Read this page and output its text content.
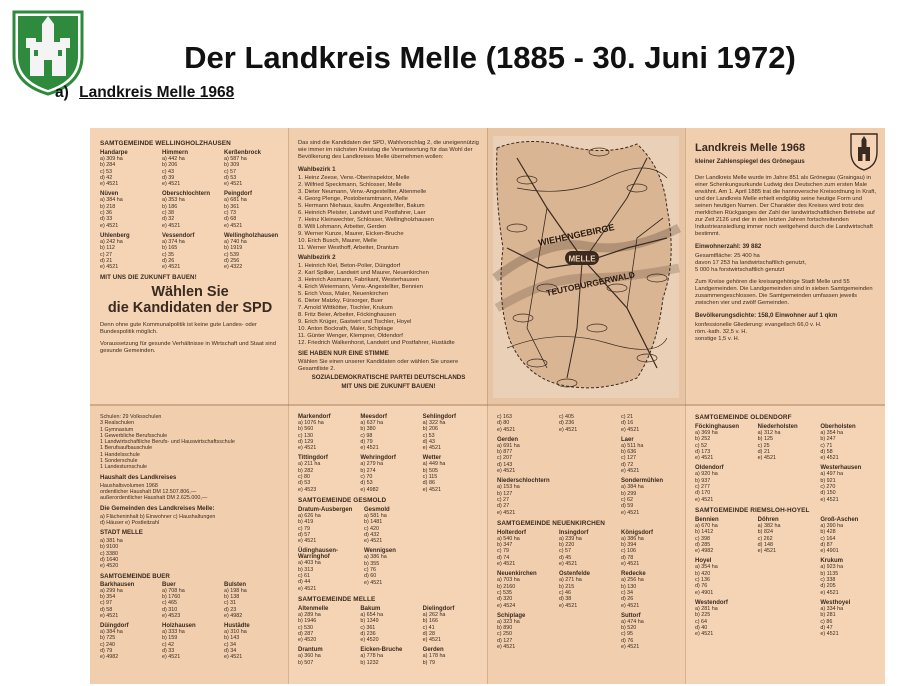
Der Landkreis Melle (1885 - 30. Juni 1972)
a) Landkreis Melle 1968
SAMTGEMEINDE WELLINGHOLZHAUSEN
Handarpe
a) 309 ha
b) 284
c) 53
d) 42
e) 4521
Himmern
a) 442 ha
b) 206
c) 43
d) 39
e) 4521
Kerßenbrock
a) 587 ha
b) 309
c) 57
d) 53
e) 4521
Nüven
a) 384 ha
b) 218
c) 36
d) 33
e) 4521
Oberschlochtern
a) 353 ha
b) 186
c) 38
d) 32
e) 4521
Peingdorf
a) 681 ha
b) 361
c) 73
d) 68
e) 4521
Uhlenberg
a) 242 ha
b) 112
c) 27
d) 21
e) 4521
Vessendorf
a) 374 ha
b) 165
c) 35
d) 26
e) 4521
Wellingholzhausen
a) 740 ha
b) 1919
c) 539
d) 256
e) 4322
MIT UNS DIE ZUKUNFT BAUEN!
Wählen Sie
die Kandidaten der SPD
Denn ohne gute Kommunalpolitik ist keine gute Landes- oder Bundespolitik möglich.
Voraussetzung für gesunde Verhältnisse in Wirtschaft und Staat sind gesunde Gemeinden.
Das sind die Kandidaten der SPD, Wahlvorschlag 2, die uneigennützig wie immer im nächsten Kreistag die Verantwortung für das Wohl der Bevölkerung des Landkreises Melle übernehmen wollen:
Wahlbezirk 1
1. Heinz Zeese, Verw.-Oberinspektor, Melle
2. Wilfried Speckmann, Schlosser, Melle
3. Dieter Neumann, Verw.-Angestellter, Altenmelle
4. Georg Plenge, Postoberamtmann, Melle
5. Hermann Niehaus, kaufm. Angestellter, Bakum
6. Heinrich Pleister, Landwirt und Postfahrer, Laer
7. Heinz Kleinwechter, Schlosser, Wellingholzhausen
8. Willi Lohmann, Arbeiter, Gerden
9. Werner Kunze, Maurer, Eicken-Bruche
10. Erich Busch, Maurer, Melle
11. Werner Westhoff, Arbeiter, Drantum
Wahlbezirk 2
1. Heinrich Kiel, Beton-Polier, Düingdorf
2. Karl Spilker, Landwirt und Maurer, Neuenkirchen
3. Heinrich Assmann, Fabrikant, Westerhausen
4. Erich Weiermann, Verw.-Angestellter, Bennien
5. Erich Voss, Maler, Neuenkirchen
6. Dieter Matzky, Fürsorger, Buer
7. Arnold Wittkötter, Tischler, Krukum
8. Fritz Beier, Arbeiter, Föckinghausen
9. Erich Krüger, Gastwirt und Tischler, Hoyel
10. Anton Bockrath, Maler, Schiplage
11. Günter Wenger, Klempner, Oldendorf
12. Friedrich Walkenhorst, Landwirt und Postfahrer, Hustädte
SIE HABEN NUR EINE STIMME
Wählen Sie einen unserer Kandidaten oder wählen Sie unsere Gesamtliste 2.
SOZIALDEMOKRATISCHE PARTEI DEUTSCHLANDS
MIT UNS DIE ZUKUNFT BAUEN!
WIEHENGEBIRGE
TEUTOBURGERWALD
MELLE
Landkreis Melle 1968
kleiner Zahlenspiegel des Grönegaus
Der Landkreis Melle wurde im Jahre 851 als Grönegau (Graingau) in einer Schenkungsurkunde Ludwig des Deutschen zum ersten Male erwähnt. Am 1. April 1885 trat die hannoversche Kreisordnung in Kraft, und der Landkreis Melle erhielt endgültig seine heutige Form und seinen heutigen Namen. Der Charakter des Kreises wird trotz des merklichen Rückganges der Zahl der landwirtschaftlichen Betriebe auf zur Zeit 2126 und der in den letzten Jahren fortschreitenden Industrieansiedlung immer noch weitgehend durch die Landwirtschaft bestimmt.
Einwohnerzahl: 39 882
Gesamtfläche: 25 400 ha
davon 17 253 ha landwirtschaftlich genutzt,
5 000 ha forstwirtschaftlich genutzt
Zum Kreise gehören die kreisangehörige Stadt Melle und 55 Landgemeinden. Die Landgemeinden sind in sieben Samtgemeinden zusammengeschlossen. Die Samtgemeinden umfassen jeweils zwischen vier und zwölf Gemeinden.
Bevölkerungsdichte: 158,0 Einwohner auf 1 qkm
konfessionelle Gliederung: evangelisch 66,0 v. H.
röm.-kath. 32,5 v. H.
sonstige 1,5 v. H.
Schulen: 29 Volksschulen
3 Realschulen
1 Gymnasium
1 Gewerbliche Berufsschule
1 Landwirtschaftliche Berufs- und Hauswirtschaftsschule
1 Berufsaufbauschule
1 Handelsschule
1 Sonderschule
1 Landesturnschule
Haushalt des Landkreises
Haushaltsvolumen 1968
ordentlicher Haushalt DM 12.507.806,—
außerordentlicher Haushalt DM 2.625.000,—
Die Gemeinden des Landkreises Melle:
a) Flächeninhalt b) Einwohner c) Haushaltungen
d) Häuser e) Postleitzahl
STADT MELLE
a) 381 ha
b) 9100
c) 3380
d) 1640
e) 4520
SAMTGEMEINDE BUER
Barkhausen
a) 299 ha
b) 354
c) 97
d) 58
e) 4521
Buer
a) 708 ha
b) 1760
c) 465
d) 310
e) 4523
Bulsten
a) 198 ha
b) 138
c) 31
d) 23
e) 4982
Düingdorf
a) 384 ha
b) 725
c) 240
d) 79
e) 4982
Holzhausen
a) 333 ha
b) 159
c) 42
d) 33
e) 4521
Hustädte
a) 310 ha
b) 143
c) 34
d) 34
e) 4521
Markendorf
a) 1076 ha
b) 560
c) 130
d) 129
e) 4521
Meesdorf
a) 637 ha
b) 380
c) 98
d) 79
e) 4521
Sehlingdorf
a) 322 ha
b) 206
c) 53
d) 43
e) 4521
Tittingdorf
a) 211 ha
b) 282
c) 80
d) 53
e) 4523
Wehringdorf
a) 279 ha
b) 274
c) 70
d) 53
e) 4982
Wetter
a) 449 ha
b) 505
c) 115
d) 86
e) 4521
SAMTGEMEINDE GESMOLD
Dratum-Ausbergen
a) 626 ha
b) 419
c) 79
d) 57
e) 4521
Gesmold
a) 581 ha
b) 1481
c) 420
d) 432
e) 4521
Üdinghausen-Warringhof
a) 403 ha
b) 313
c) 61
d) 44
e) 4521
Wennigsen
a) 386 ha
b) 355
c) 76
d) 60
e) 4521
SAMTGEMEINDE MELLE
Altenmelle
a) 289 ha
b) 1946
c) 530
d) 287
e) 4520
Bakum
a) 654 ha
b) 1349
c) 361
d) 236
e) 4520
Dielingdorf
a) 262 ha
b) 166
c) 41
d) 28
e) 4521
Drantum
a) 360 ha
b) 507
Eicken-Bruche
a) 778 ha
b) 1232
Gerden
a) 178 ha
b) 79
c) 163
d) 80
e) 4521
c) 405
d) 236
e) 4521
c) 21
d) 16
e) 4521
Gerden
a) 691 ha
b) 877
c) 207
d) 143
e) 4521
Laer
a) 511 ha
b) 636
c) 127
d) 72
e) 4521
Niederschlochtern
a) 153 ha
b) 127
c) 27
d) 27
e) 4521
Sondermühlen
a) 384 ha
b) 299
c) 62
d) 59
e) 4521
SAMTGEMEINDE NEUENKIRCHEN
Holterdorf
a) 540 ha
b) 347
c) 79
d) 74
e) 4521
Insingdorf
a) 239 ha
b) 220
c) 57
d) 45
e) 4521
Königsdorf
a) 386 ha
b) 394
c) 106
d) 78
e) 4521
Neuenkirchen
a) 703 ha
b) 2160
c) 535
d) 320
e) 4524
Ostenfelde
a) 271 ha
b) 215
c) 46
d) 38
e) 4521
Redecke
a) 256 ha
b) 130
c) 34
d) 26
e) 4521
Schiplage
a) 323 ha
b) 890
c) 250
d) 127
e) 4521
Suttorf
a) 474 ha
b) 520
c) 95
d) 76
e) 4521
SAMTGEMEINDE OLDENDORF
Föckinghausen
a) 369 ha
b) 252
c) 52
d) 173
e) 4521
Niederholsten
a) 312 ha
b) 125
c) 25
d) 21
e) 4521
Oberholsten
a) 354 ha
b) 247
c) 71
d) 58
e) 4521
Oldendorf
a) 920 ha
b) 937
c) 277
d) 170
e) 4521
Westerhausen
a) 497 ha
b) 921
c) 270
d) 150
e) 4521
SAMTGEMEINDE RIEMSLOH-HOYEL
Bennien
a) 670 ha
b) 1412
c) 398
d) 285
e) 4982
Döhren
a) 382 ha
b) 824
c) 262
d) 148
e) 4521
Groß-Aschen
a) 390 ha
b) 428
c) 164
d) 87
e) 4901
Hoyel
a) 354 ha
b) 420
c) 136
d) 76
e) 4901
Krukum
a) 923 ha
b) 1135
c) 338
d) 205
e) 4521
Westendorf
a) 281 ha
b) 225
c) 64
d) 40
e) 4521
Westhoyel
a) 334 ha
b) 281
c) 86
d) 47
e) 4521
